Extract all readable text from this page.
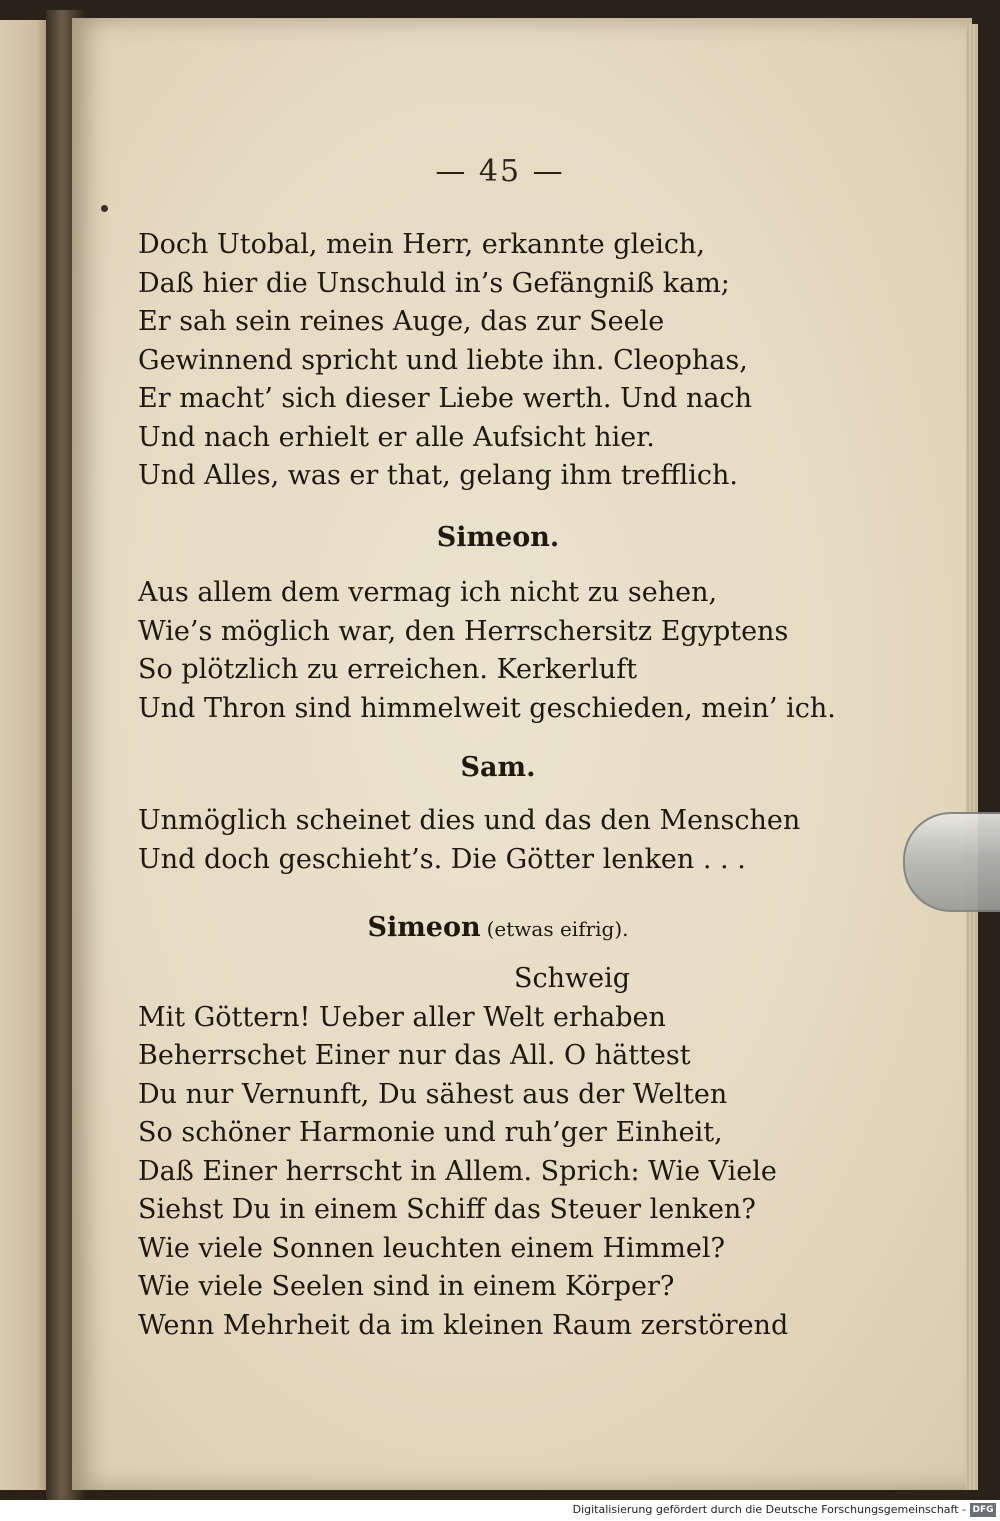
— 45 —
Doch Utobal, mein Herr, erkannte gleich,
Daß hier die Unschuld in’s Gefängniß kam;
Er sah sein reines Auge, das zur Seele
Gewinnend spricht und liebte ihn. Cleophas,
Er macht’ sich dieser Liebe werth. Und nach
Und nach erhielt er alle Aufsicht hier.
Und Alles, was er that, gelang ihm trefflich.
Simeon.
Aus allem dem vermag ich nicht zu sehen,
Wie’s möglich war, den Herrschersitz Egyptens
So plötzlich zu erreichen. Kerkerluft
Und Thron sind himmelweit geschieden, mein’ ich.
Sam.
Unmöglich scheinet dies und das den Menschen
Und doch geschieht’s. Die Götter lenken . . .
Simeon (etwas eifrig).
Schweig
Mit Göttern! Ueber aller Welt erhaben
Beherrschet Einer nur das All. O hättest
Du nur Vernunft, Du sähest aus der Welten
So schöner Harmonie und ruh’ger Einheit,
Daß Einer herrscht in Allem. Sprich: Wie Viele
Siehst Du in einem Schiff das Steuer lenken?
Wie viele Sonnen leuchten einem Himmel?
Wie viele Seelen sind in einem Körper?
Wenn Mehrheit da im kleinen Raum zerstörend
Digitalisierung gefördert durch die Deutsche Forschungsgemeinschaft - DFG
